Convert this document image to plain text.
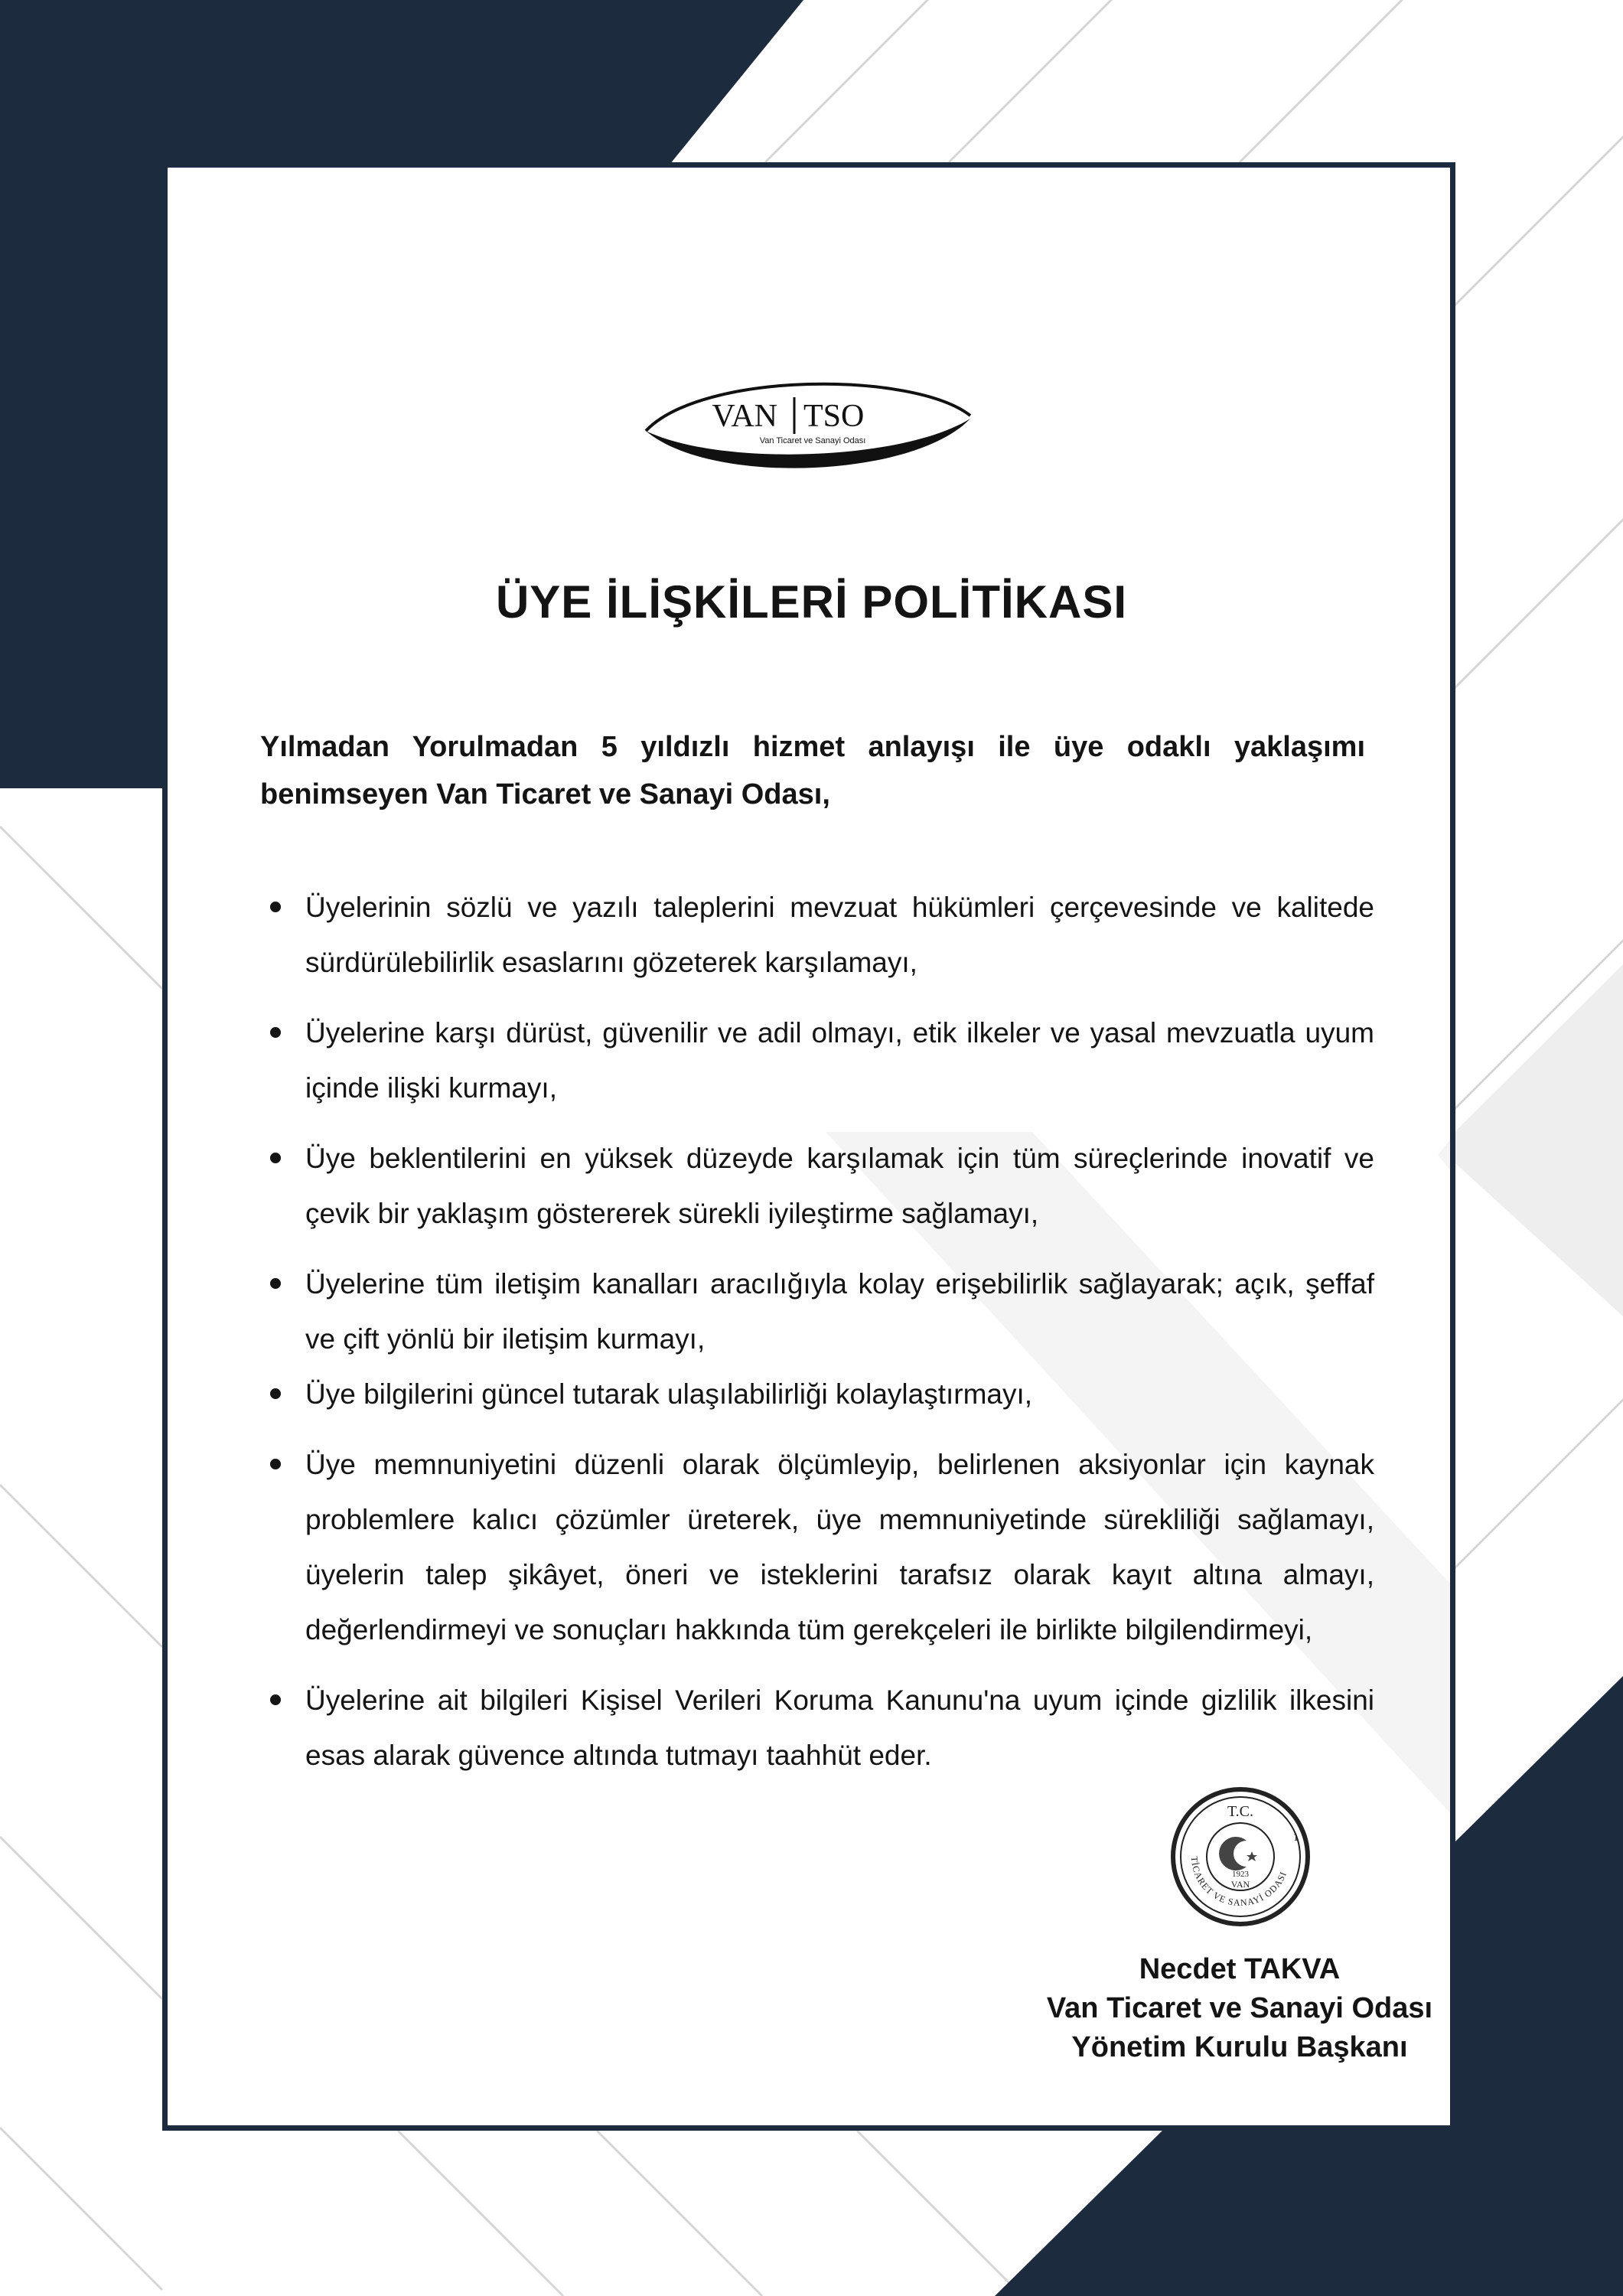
VAN TSO
Van Ticaret ve Sanayi Odası
ÜYE İLİŞKİLERİ POLİTİKASI
Yılmadan Yorulmadan 5 yıldızlı hizmet anlayışı ile üye odaklı yaklaşımı benimseyen Van Ticaret ve Sanayi Odası,
Üyelerinin sözlü ve yazılı taleplerini mevzuat hükümleri çerçevesinde ve kalitede sürdürülebilirlik esaslarını gözeterek karşılamayı,
Üyelerine karşı dürüst, güvenilir ve adil olmayı, etik ilkeler ve yasal mevzuatla uyum içinde ilişki kurmayı,
Üye beklentilerini en yüksek düzeyde karşılamak için tüm süreçlerinde inovatif ve çevik bir yaklaşım göstererek sürekli iyileştirme sağlamayı,
Üyelerine tüm iletişim kanalları aracılığıyla kolay erişebilirlik sağlayarak; açık, şeffaf ve çift yönlü bir iletişim kurmayı,
Üye bilgilerini güncel tutarak ulaşılabilirliği kolaylaştırmayı,
Üye memnuniyetini düzenli olarak ölçümleyip, belirlenen aksiyonlar için kaynak problemlere kalıcı çözümler üreterek, üye memnuniyetinde sürekliliği sağlamayı, üyelerin talep şikâyet, öneri ve isteklerini tarafsız olarak kayıt altına almayı, değerlendirmeyi ve sonuçları hakkında tüm gerekçeleri ile birlikte bilgilendirmeyi,
Üyelerine ait bilgileri Kişisel Verileri Koruma Kanunu'na uyum içinde gizlilik ilkesini esas alarak güvence altında tutmayı taahhüt eder.
T.C.
TİCARET VE SANAYİ ODASI
1
1923
VAN
Necdet TAKVA
Van Ticaret ve Sanayi Odası
Yönetim Kurulu Başkanı
